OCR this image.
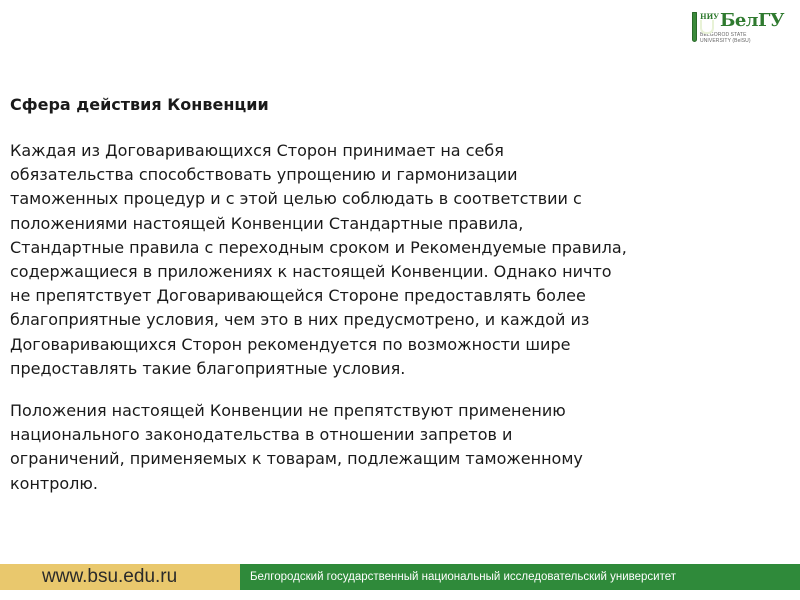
НИУ БелГУ
BELGOROD STATE
UNIVERSITY (BelSU)
Сфера действия Конвенции
Каждая из Договаривающихся Сторон принимает на себя
обязательства способствовать упрощению и гармонизации
таможенных процедур и с этой целью соблюдать в соответствии с
положениями настоящей Конвенции Стандартные правила,
Стандартные правила с переходным сроком и Рекомендуемые правила,
содержащиеся в приложениях к настоящей Конвенции. Однако ничто
не препятствует Договаривающейся Стороне предоставлять более
благоприятные условия, чем это в них предусмотрено, и каждой из
Договаривающихся Сторон рекомендуется по возможности шире
предоставлять такие благоприятные условия.
Положения настоящей Конвенции не препятствуют применению
национального законодательства в отношении запретов и
ограничений, применяемых к товарам, подлежащим таможенному
контролю.
www.bsu.edu.ru	Белгородский государственный национальный исследовательский университет
